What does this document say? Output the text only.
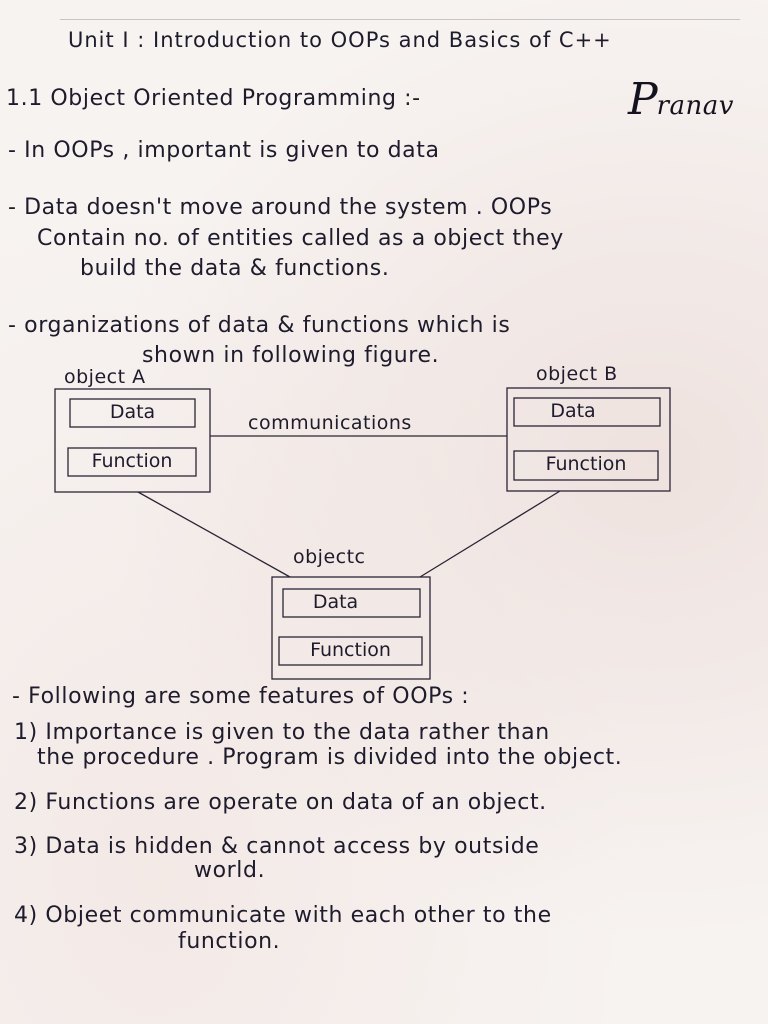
Unit I : Introduction to OOPs and Basics of C++
Pranav
1.1 Object Oriented Programming :-
- In OOPs , important is given to data
- Data doesn't move around the system . OOPs
Contain no. of entities called as a object they
build the data & functions.
- organizations of data & functions which is
shown in following figure.
object A	object B
objectc
communications
Data
Function
Data
Function
Data
Function
- Following are some features of OOPs :
1) Importance is given to the data rather than
the procedure . Program is divided into the object.
2) Functions are operate on data of an object.
3) Data is hidden & cannot access by outside
world.
4) Objeet communicate with each other to the
function.
